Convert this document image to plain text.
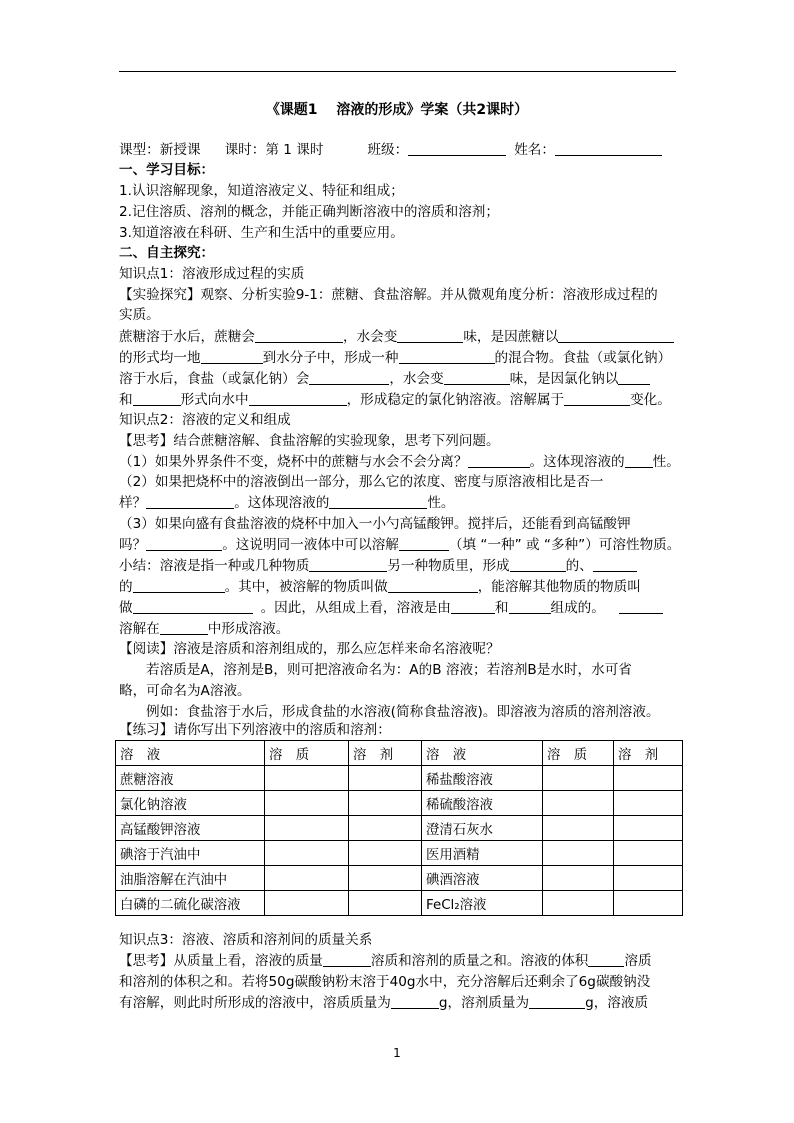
《课题1　 溶液的形成》学案（共2课时）
课型：新授课 课时：第 1 课时	班级：	姓名：
一、学习目标：
1.认识溶解现象，知道溶液定义、特征和组成；
2.记住溶质、溶剂的概念，并能正确判断溶液中的溶质和溶剂；
3.知道溶液在科研、生产和生活中的重要应用。
二、自主探究：
知识点1：溶液形成过程的实质
【实验探究】观察、分析实验9-1：蔗糖、食盐溶解。并从微观角度分析：溶液形成过程的
实质。
蔗糖溶于水后，蔗糖会	，水会变	味，是因蔗糖以
的形式均一地	到水分子中，形成一种	的混合物。食盐（或氯化钠）
溶于水后，食盐（或氯化钠）会	，水会变	味，是因氯化钠以
和	形式向水中	，形成稳定的氯化钠溶液。溶解属于	变化。
知识点2：溶液的定义和组成
【思考】结合蔗糖溶解、食盐溶解的实验现象，思考下列问题。
（1）如果外界条件不变，烧杯中的蔗糖与水会不会分离？	。这体现溶液的 性。
（2）如果把烧杯中的溶液倒出一部分，那么它的浓度、密度与原溶液相比是否一
样？	。这体现溶液的	性。
（3）如果向盛有食盐溶液的烧杯中加入一小勺高锰酸钾。搅拌后，还能看到高锰酸钾
吗？	。这说明同一液体中可以溶解	（填 “一种” 或 “多种”）可溶性物质。
小结：溶液是指一种或几种物质	另一种物质里，形成	的、
的	。其中，被溶解的物质叫做	，能溶解其他物质的物质叫
做	。因此，从组成上看，溶液是由	和	组成的。
溶解在	中形成溶液。
【阅读】溶液是溶质和溶剂组成的，那么应怎样来命名溶液呢？
若溶质是A，溶剂是B，则可把溶液命名为：A的B 溶液；若溶剂B是水时，水可省
略，可命名为A溶液。
例如：食盐溶于水后，形成食盐的水溶液(简称食盐溶液)。即溶液为溶质的溶剂溶液。
【练习】请你写出下列溶液中的溶质和溶剂：
溶　液	溶　质	溶　剂	溶　液	溶　质	溶　剂
蔗糖溶液			稀盐酸溶液		
氯化钠溶液			稀硫酸溶液		
高锰酸钾溶液			澄清石灰水		
碘溶于汽油中			医用酒精		
油脂溶解在汽油中			碘酒溶液		
白磷的二硫化碳溶液			FeCl₂溶液		
知识点3：溶液、溶质和溶剂间的质量关系
【思考】从质量上看，溶液的质量	溶质和溶剂的质量之和。溶液的体积	溶质
和溶剂的体积之和。若将50g碳酸钠粉末溶于40g水中，充分溶解后还剩余了6g碳酸钠没
有溶解，则此时所形成的溶液中，溶质质量为	g，溶剂质量为	g，溶液质
1
